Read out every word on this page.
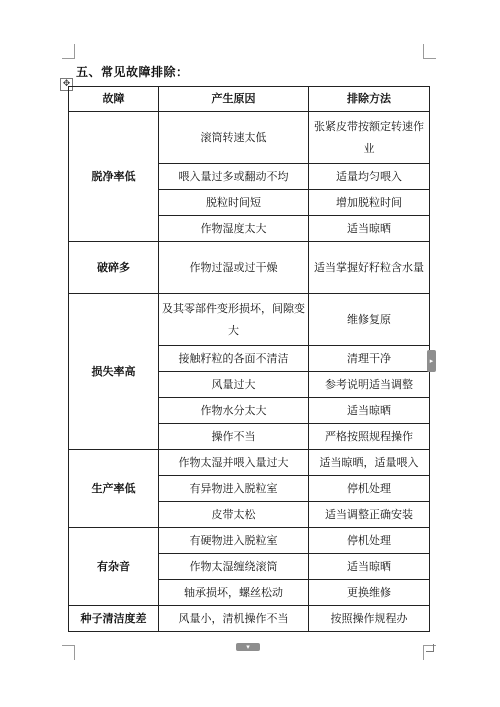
五、常见故障排除：
✥
故障	产生原因	排除方法
脱净率低	滚筒转速太低	张紧皮带按额定转速作业
	喂入量过多或翻动不均	适量均匀喂入
	脱粒时间短	增加脱粒时间
	作物湿度太大	适当晾晒
破碎多	作物过湿或过干燥	适当掌握好籽粒含水量
损失率高	及其零部件变形损坏，间隙变大	维修复原
	接触籽粒的各面不清洁	清理干净
	风量过大	参考说明适当调整
	作物水分太大	适当晾晒
	操作不当	严格按照规程操作
生产率低	作物太湿并喂入量过大	适当晾晒，适量喂入
	有异物进入脱粒室	停机处理
	皮带太松	适当调整正确安装
有杂音	有硬物进入脱粒室	停机处理
	作物太湿缠绕滚筒	适当晾晒
	轴承损坏，螺丝松动	更换维修
种子清洁度差	风量小，清机操作不当	按照操作规程办
▸
▾
